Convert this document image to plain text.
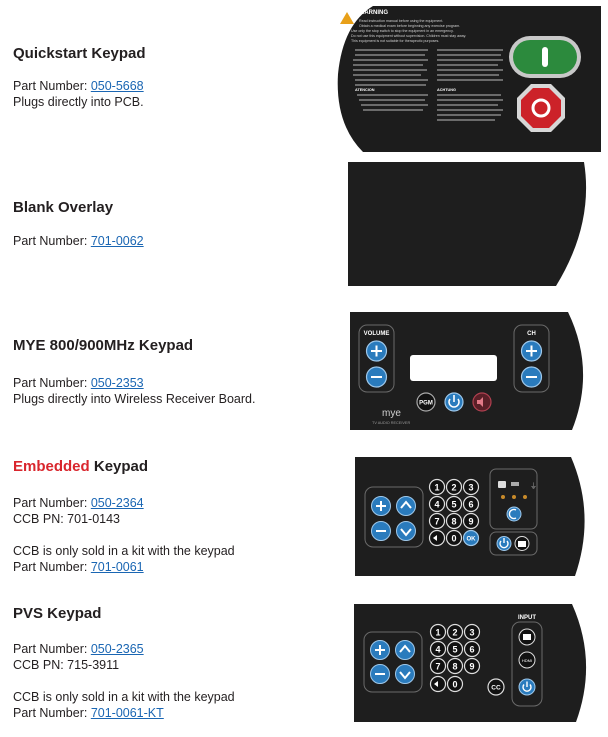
Quickstart Keypad

Part Number: 050-5668

Plugs directly into PCB.

WARNING
Read instruction manual before using the equipment.
Obtain a medical exam before beginning any exercise program.
Use only the stop switch to stop the equipment in an emergency.
Do not use this equipment without supervision. Children must stay away.
This equipment is not suitable for therapeutic purposes.
ATENCION	ACHTUNG

Blank Overlay

Part Number: 701-0062

MYE 800/900MHz Keypad

Part Number: 050-2353

Plugs directly into Wireless Receiver Board.

VOLUME	CH
PGM
mye
TV AUDIO RECEIVER

Embedded Keypad

Part Number: 050-2364

CCB PN: 701-0143

CCB is only sold in a kit with the keypad

Part Number: 701-0061

1 2 3
4 5 6
7 8 9
0 OK
⏚

PVS Keypad

Part Number: 050-2365

CCB PN: 715-3911

CCB is only sold in a kit with the keypad

Part Number: 701-0061-KT

1 2 3
4 5 6
7 8 9
0	CC
INPUT
HDMI
